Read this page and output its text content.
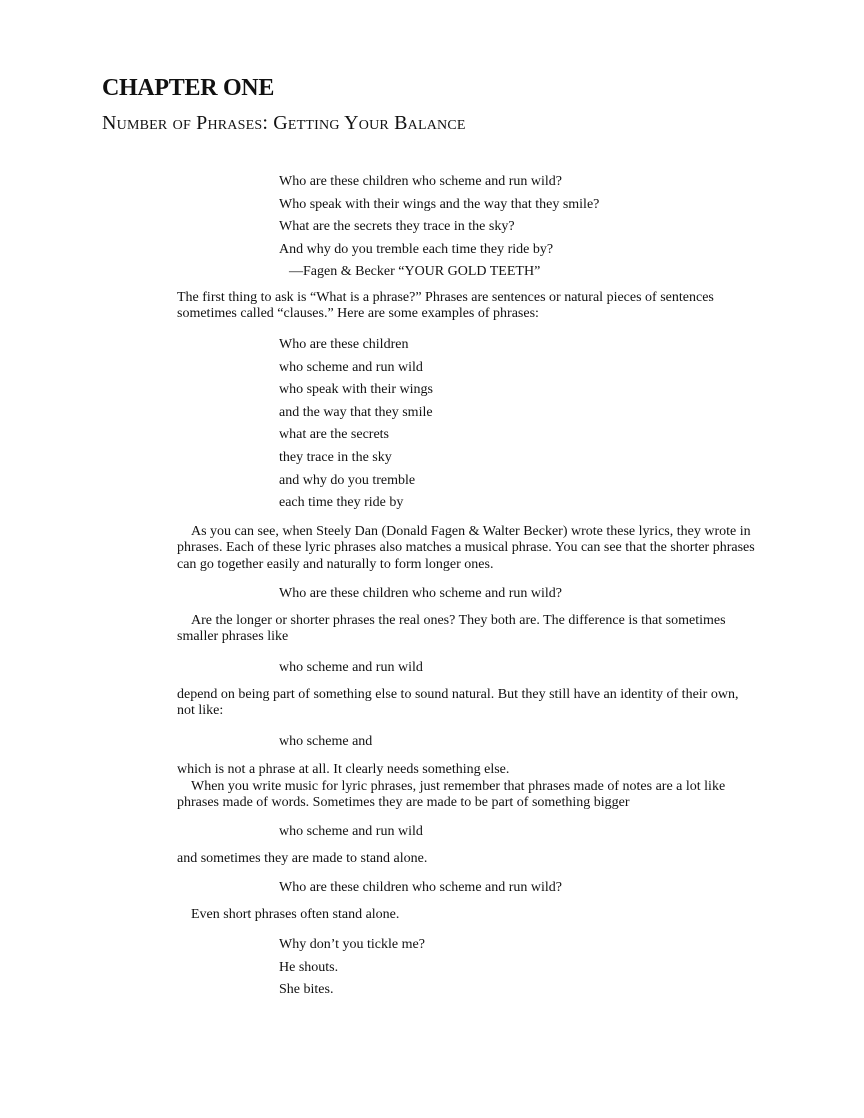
CHAPTER ONE
Number of Phrases: Getting Your Balance
Who are these children who scheme and run wild?
Who speak with their wings and the way that they smile?
What are the secrets they trace in the sky?
And why do you tremble each time they ride by?
—Fagen & Becker “YOUR GOLD TEETH”

The first thing to ask is “What is a phrase?” Phrases are sentences or natural pieces of sentences sometimes called “clauses.” Here are some examples of phrases:

Who are these children
who scheme and run wild
who speak with their wings
and the way that they smile
what are the secrets
they trace in the sky
and why do you tremble
each time they ride by

As you can see, when Steely Dan (Donald Fagen & Walter Becker) wrote these lyrics, they wrote in phrases. Each of these lyric phrases also matches a musical phrase. You can see that the shorter phrases can go together easily and naturally to form longer ones.

Who are these children who scheme and run wild?

Are the longer or shorter phrases the real ones? They both are. The difference is that sometimes smaller phrases like

who scheme and run wild

depend on being part of something else to sound natural. But they still have an identity of their own, not like:

who scheme and

which is not a phrase at all. It clearly needs something else.

When you write music for lyric phrases, just remember that phrases made of notes are a lot like phrases made of words. Sometimes they are made to be part of something bigger

who scheme and run wild

and sometimes they are made to stand alone.

Who are these children who scheme and run wild?

Even short phrases often stand alone.

Why don’t you tickle me?
He shouts.
She bites.
